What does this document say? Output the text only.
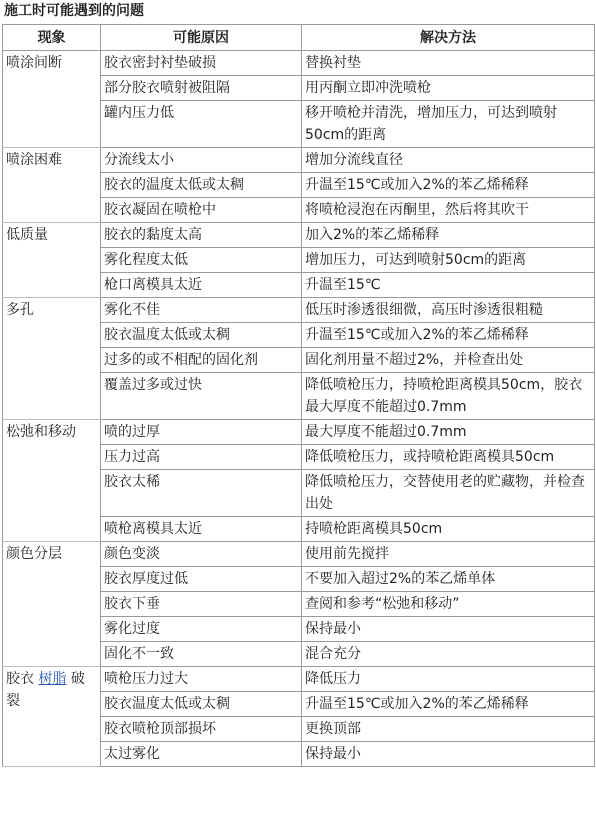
施工时可能遇到的问题
现象	可能原因	解决方法
喷涂间断	胶衣密封衬垫破损	替换衬垫
	部分胶衣喷射被阻隔	用丙酮立即冲洗喷枪
	罐内压力低	移开喷枪并清洗，增加压力，可达到喷射50cm的距离
喷涂困难	分流线太小	增加分流线直径
	胶衣的温度太低或太稠	升温至15℃或加入2%的苯乙烯稀释
	胶衣凝固在喷枪中	将喷枪浸泡在丙酮里，然后将其吹干
低质量	胶衣的黏度太高	加入2%的苯乙烯稀释
	雾化程度太低	增加压力，可达到喷射50cm的距离
	枪口离模具太近	升温至15℃
多孔	雾化不佳	低压时渗透很细微，高压时渗透很粗糙
	胶衣温度太低或太稠	升温至15℃或加入2%的苯乙烯稀释
	过多的或不相配的固化剂	固化剂用量不超过2%，并检查出处
	覆盖过多或过快	降低喷枪压力，持喷枪距离模具50cm，胶衣最大厚度不能超过0.7mm
松弛和移动	喷的过厚	最大厚度不能超过0.7mm
	压力过高	降低喷枪压力，或持喷枪距离模具50cm
	胶衣太稀	降低喷枪压力，交替使用老的贮藏物，并检查出处
	喷枪离模具太近	持喷枪距离模具50cm
颜色分层	颜色变淡	使用前先搅拌
	胶衣厚度过低	不要加入超过2%的苯乙烯单体
	胶衣下垂	查阅和参考“松弛和移动”
	雾化过度	保持最小
	固化不一致	混合充分
胶衣 树脂 破裂	喷枪压力过大	降低压力
	胶衣温度太低或太稠	升温至15℃或加入2%的苯乙烯稀释
	胶衣喷枪顶部损坏	更换顶部
	太过雾化	保持最小
